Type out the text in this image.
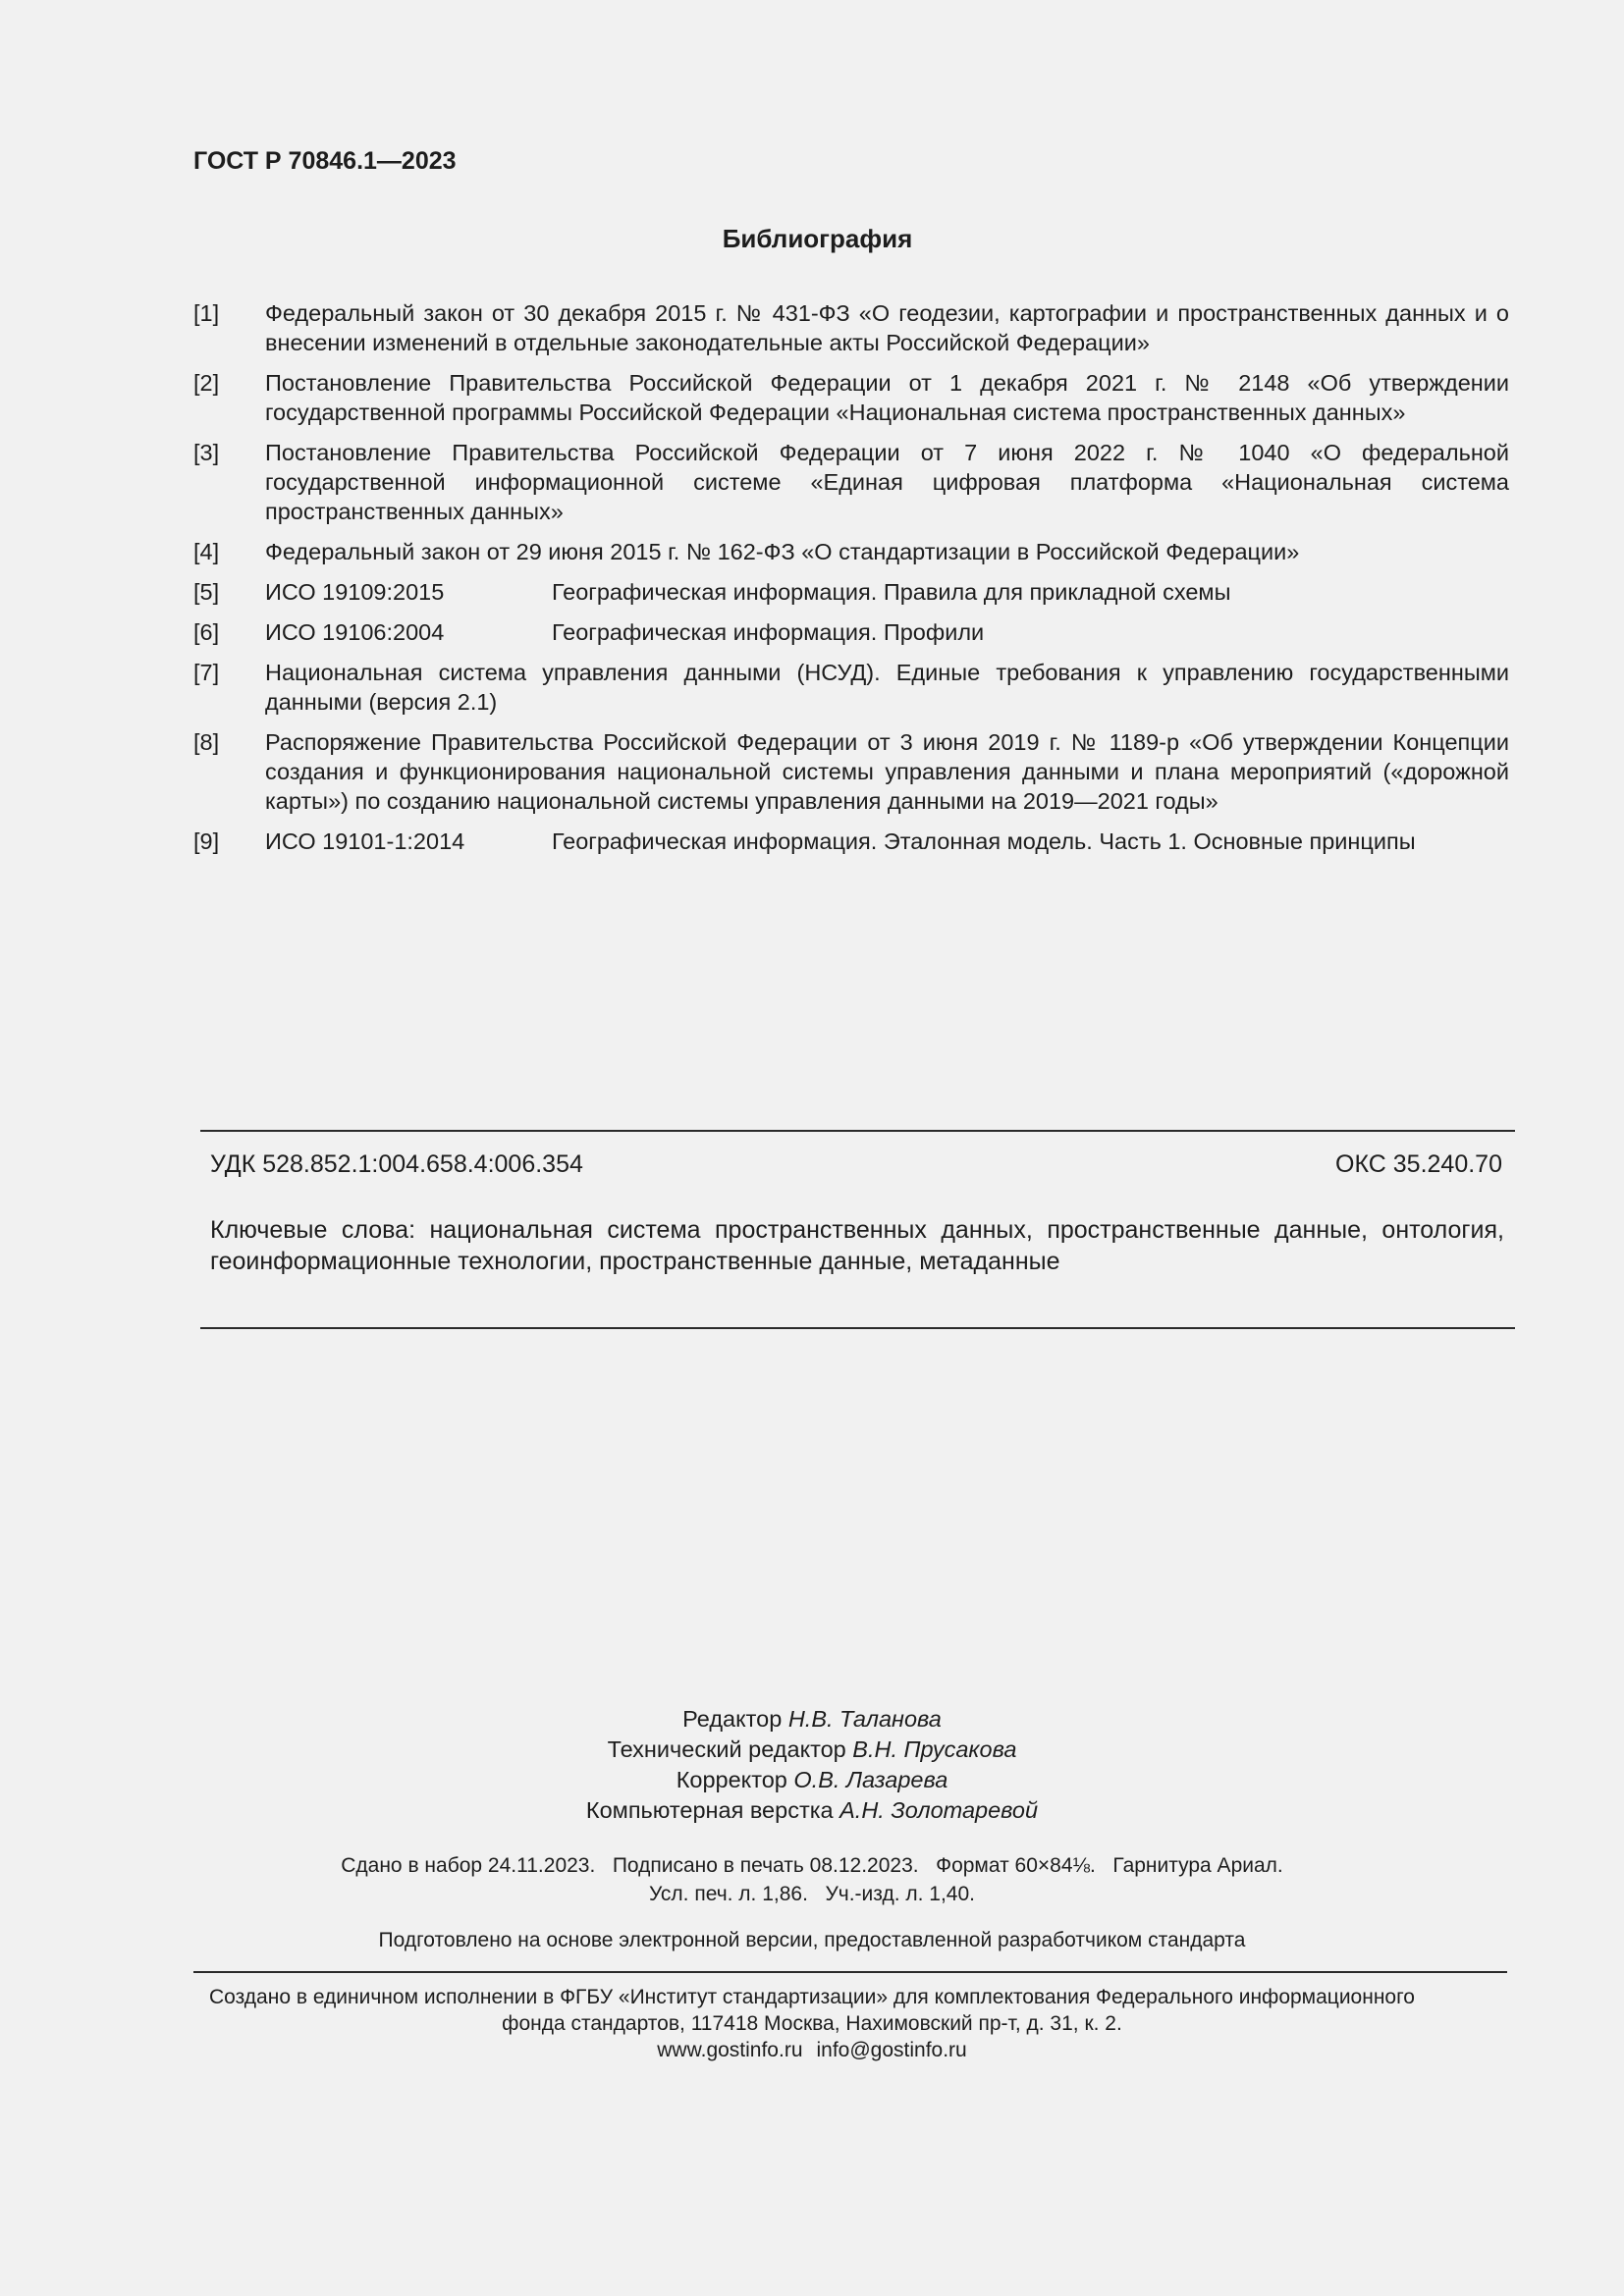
ГОСТ Р 70846.1—2023
Библиография
[1]	Федеральный закон от 30 декабря 2015 г. № 431-ФЗ «О геодезии, картографии и пространственных данных и о внесении изменений в отдельные законодательные акты Российской Федерации»
[2]	Постановление Правительства Российской Федерации от 1 декабря 2021 г. № 2148 «Об утверждении государственной программы Российской Федерации «Национальная система пространственных данных»
[3]	Постановление Правительства Российской Федерации от 7 июня 2022 г. № 1040 «О федеральной государственной информационной системе «Единая цифровая платформа «Национальная система пространственных данных»
[4]	Федеральный закон от 29 июня 2015 г. № 162-ФЗ «О стандартизации в Российской Федерации»
[5]	ИСО 19109:2015	Географическая информация. Правила для прикладной схемы
[6]	ИСО 19106:2004	Географическая информация. Профили
[7]	Национальная система управления данными (НСУД). Единые требования к управлению государственными данными (версия 2.1)
[8]	Распоряжение Правительства Российской Федерации от 3 июня 2019 г. № 1189-р «Об утверждении Концепции создания и функционирования национальной системы управления данными и плана мероприятий («дорожной карты») по созданию национальной системы управления данными на 2019—2021 годы»
[9]	ИСО 19101-1:2014	Географическая информация. Эталонная модель. Часть 1. Основные принципы
УДК 528.852.1:004.658.4:006.354	ОКС 35.240.70
Ключевые слова: национальная система пространственных данных, пространственные данные, онтология, геоинформационные технологии, пространственные данные, метаданные
Редактор Н.В. Таланова
Технический редактор В.Н. Прусакова
Корректор О.В. Лазарева
Компьютерная верстка А.Н. Золотаревой
Сдано в набор 24.11.2023.   Подписано в печать 08.12.2023.   Формат 60×84⅛.   Гарнитура Ариал.
Усл. печ. л. 1,86.   Уч.-изд. л. 1,40.
Подготовлено на основе электронной версии, предоставленной разработчиком стандарта
Создано в единичном исполнении в ФГБУ «Институт стандартизации» для комплектования Федерального информационного
фонда стандартов, 117418 Москва, Нахимовский пр-т, д. 31, к. 2.
www.gostinfo.ru info@gostinfo.ru
